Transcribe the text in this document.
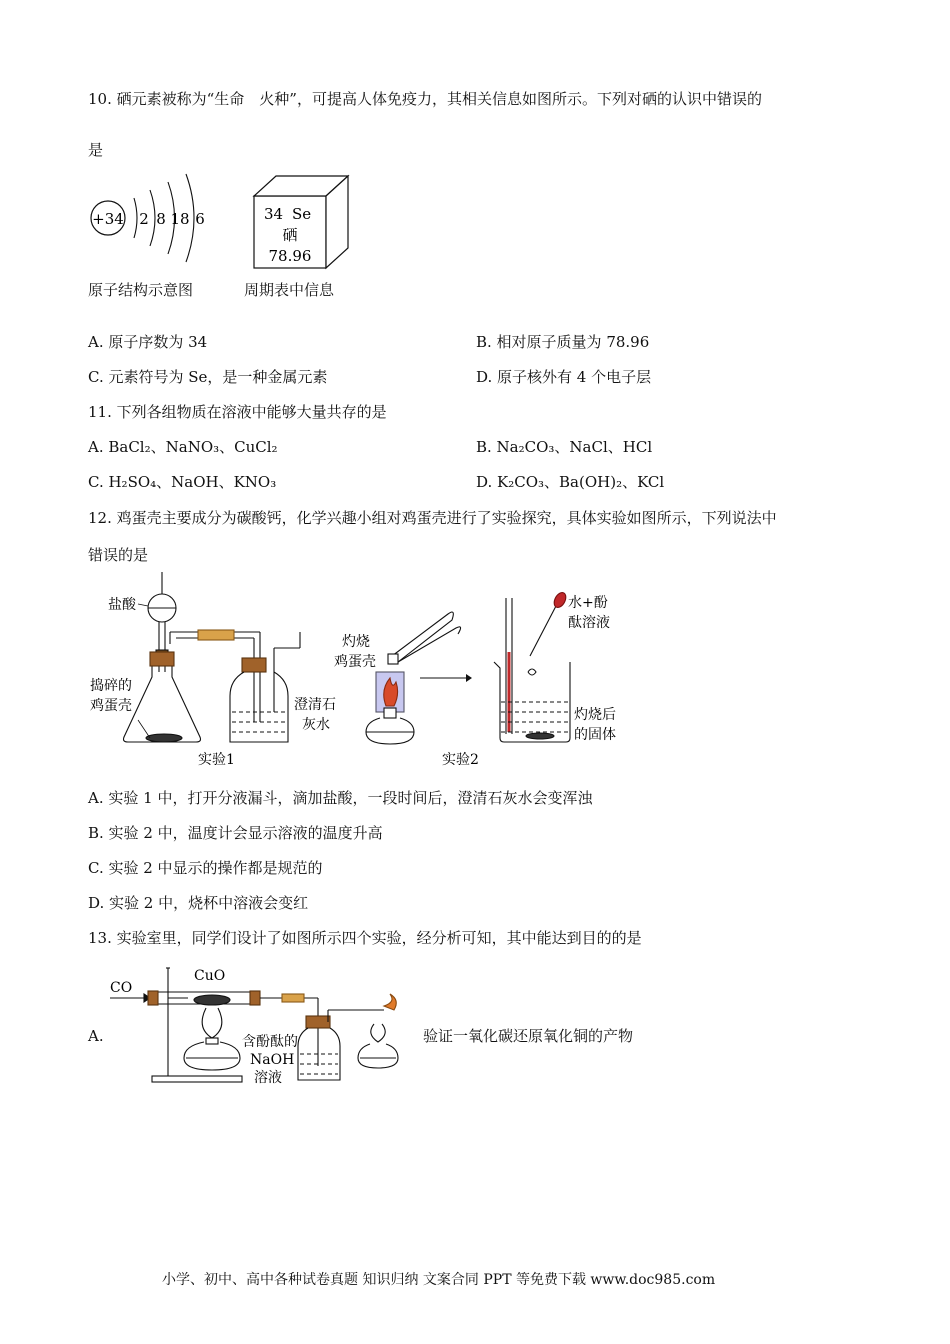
10. 硒元素被称为“生命　火种”，可提高人体免疫力，其相关信息如图所示。下列对硒的认识中错误的
是
+34 2 8 18 6	34 Se
硒
78.96
原子结构示意图	周期表中信息
A. 原子序数为 34	B. 相对原子质量为 78.96
C. 元素符号为 Se，是一种金属元素	D. 原子核外有 4 个电子层
11. 下列各组物质在溶液中能够大量共存的是
A. BaCl₂、NaNO₃、CuCl₂	B. Na₂CO₃、NaCl、HCl
C. H₂SO₄、NaOH、KNO₃	D. K₂CO₃、Ba(OH)₂、KCl
12. 鸡蛋壳主要成分为碳酸钙，化学兴趣小组对鸡蛋壳进行了实验探究，具体实验如图所示，下列说法中
错误的是
盐酸
捣碎的
鸡蛋壳	澄清石
灰水
实验1
灼烧
鸡蛋壳
实验2
水+酚
酞溶液
灼烧后
的固体
A. 实验 1 中，打开分液漏斗，滴加盐酸，一段时间后，澄清石灰水会变浑浊
B. 实验 2 中，温度计会显示溶液的温度升高
C. 实验 2 中显示的操作都是规范的
D. 实验 2 中，烧杯中溶液会变红
13. 实验室里，同学们设计了如图所示四个实验，经分析可知，其中能达到目的的是
A.
CO
CuO
含酚酞的
NaOH
溶液
验证一氧化碳还原氧化铜的产物
小学、初中、高中各种试卷真题 知识归纳 文案合同 PPT 等免费下载 www.doc985.com
